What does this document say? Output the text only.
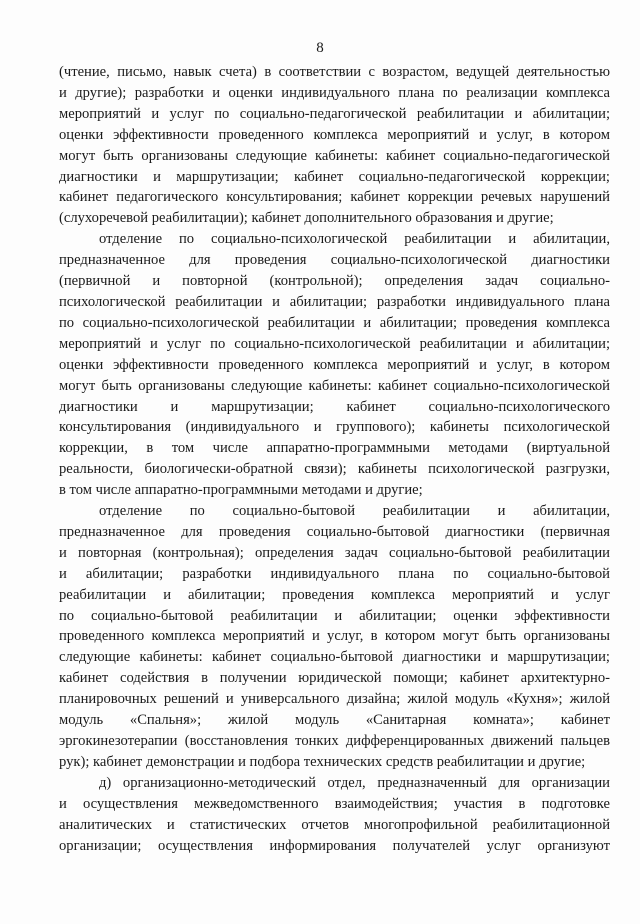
8
(чтение, письмо, навык счета) в соответствии с возрастом, ведущей деятельностью
и другие); разработки и оценки индивидуального плана по реализации комплекса
мероприятий и услуг по социально-педагогической реабилитации и абилитации;
оценки эффективности проведенного комплекса мероприятий и услуг, в котором
могут быть организованы следующие кабинеты: кабинет социально-педагогической
диагностики и маршрутизации; кабинет социально-педагогической коррекции;
кабинет педагогического консультирования; кабинет коррекции речевых нарушений
(слухоречевой реабилитации); кабинет дополнительного образования и другие;
отделение по социально-психологической реабилитации и абилитации,
предназначенное для проведения социально-психологической диагностики
(первичной и повторной (контрольной); определения задач социально-
психологической реабилитации и абилитации; разработки индивидуального плана
по социально-психологической реабилитации и абилитации; проведения комплекса
мероприятий и услуг по социально-психологической реабилитации и абилитации;
оценки эффективности проведенного комплекса мероприятий и услуг, в котором
могут быть организованы следующие кабинеты: кабинет социально-психологической
диагностики и маршрутизации; кабинет социально-психологического
консультирования (индивидуального и группового); кабинеты психологической
коррекции, в том числе аппаратно-программными методами (виртуальной
реальности, биологически-обратной связи); кабинеты психологической разгрузки,
в том числе аппаратно-программными методами и другие;
отделение по социально-бытовой реабилитации и абилитации,
предназначенное для проведения социально-бытовой диагностики (первичная
и повторная (контрольная); определения задач социально-бытовой реабилитации
и абилитации; разработки индивидуального плана по социально-бытовой
реабилитации и абилитации; проведения комплекса мероприятий и услуг
по социально-бытовой реабилитации и абилитации; оценки эффективности
проведенного комплекса мероприятий и услуг, в котором могут быть организованы
следующие кабинеты: кабинет социально-бытовой диагностики и маршрутизации;
кабинет содействия в получении юридической помощи; кабинет архитектурно-
планировочных решений и универсального дизайна; жилой модуль «Кухня»; жилой
модуль «Спальня»; жилой модуль «Санитарная комната»; кабинет
эргокинезотерапии (восстановления тонких дифференцированных движений пальцев
рук); кабинет демонстрации и подбора технических средств реабилитации и другие;
д) организационно-методический отдел, предназначенный для организации
и осуществления межведомственного взаимодействия; участия в подготовке
аналитических и статистических отчетов многопрофильной реабилитационной
организации; осуществления информирования получателей услуг организуют
